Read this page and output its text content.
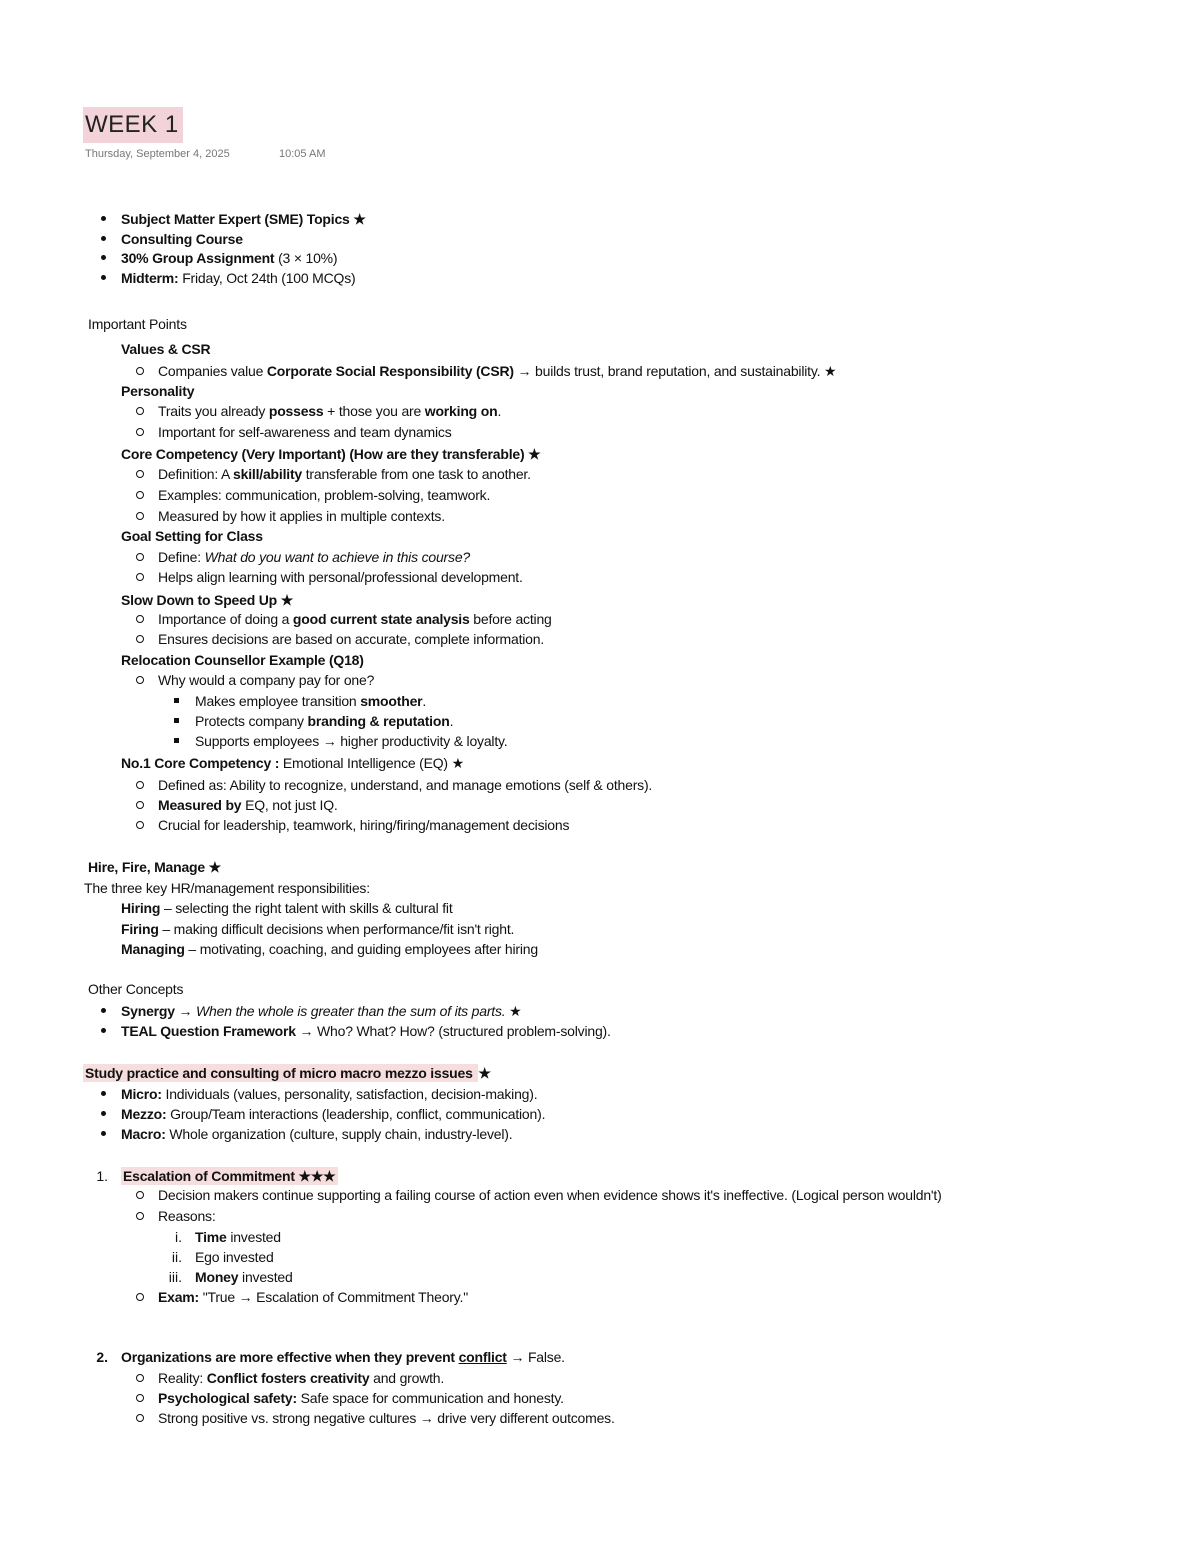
WEEK 1
Thursday, September 4, 2025	10:05 AM
Subject Matter Expert (SME) Topics ★
Consulting Course
30% Group Assignment (3 × 10%)
Midterm: Friday, Oct 24th (100 MCQs)
Important Points
Values & CSR
Companies value Corporate Social Responsibility (CSR) → builds trust, brand reputation, and sustainability. ★
Personality
Traits you already possess + those you are working on.
Important for self-awareness and team dynamics
Core Competency (Very Important) (How are they transferable) ★
Definition: A skill/ability transferable from one task to another.
Examples: communication, problem-solving, teamwork.
Measured by how it applies in multiple contexts.
Goal Setting for Class
Define: What do you want to achieve in this course?
Helps align learning with personal/professional development.
Slow Down to Speed Up ★
Importance of doing a good current state analysis before acting
Ensures decisions are based on accurate, complete information.
Relocation Counsellor Example (Q18)
Why would a company pay for one?
Makes employee transition smoother.
Protects company branding & reputation.
Supports employees → higher productivity & loyalty.
No.1 Core Competency : Emotional Intelligence (EQ) ★
Defined as: Ability to recognize, understand, and manage emotions (self & others).
Measured by EQ, not just IQ.
Crucial for leadership, teamwork, hiring/firing/management decisions
Hire, Fire, Manage ★
The three key HR/management responsibilities:
Hiring – selecting the right talent with skills & cultural fit
Firing – making difficult decisions when performance/fit isn't right.
Managing – motivating, coaching, and guiding employees after hiring
Other Concepts
Synergy → When the whole is greater than the sum of its parts. ★
TEAL Question Framework → Who? What? How? (structured problem-solving).
Study practice and consulting of micro macro mezzo issues ★
Micro: Individuals (values, personality, satisfaction, decision-making).
Mezzo: Group/Team interactions (leadership, conflict, communication).
Macro: Whole organization (culture, supply chain, industry-level).
1. Escalation of Commitment ★★★
Decision makers continue supporting a failing course of action even when evidence shows it's ineffective. (Logical person wouldn't)
Reasons:
i. Time invested
ii. Ego invested
iii. Money invested
Exam: "True → Escalation of Commitment Theory."
2. Organizations are more effective when they prevent conflict → False.
Reality: Conflict fosters creativity and growth.
Psychological safety: Safe space for communication and honesty.
Strong positive vs. strong negative cultures → drive very different outcomes.
